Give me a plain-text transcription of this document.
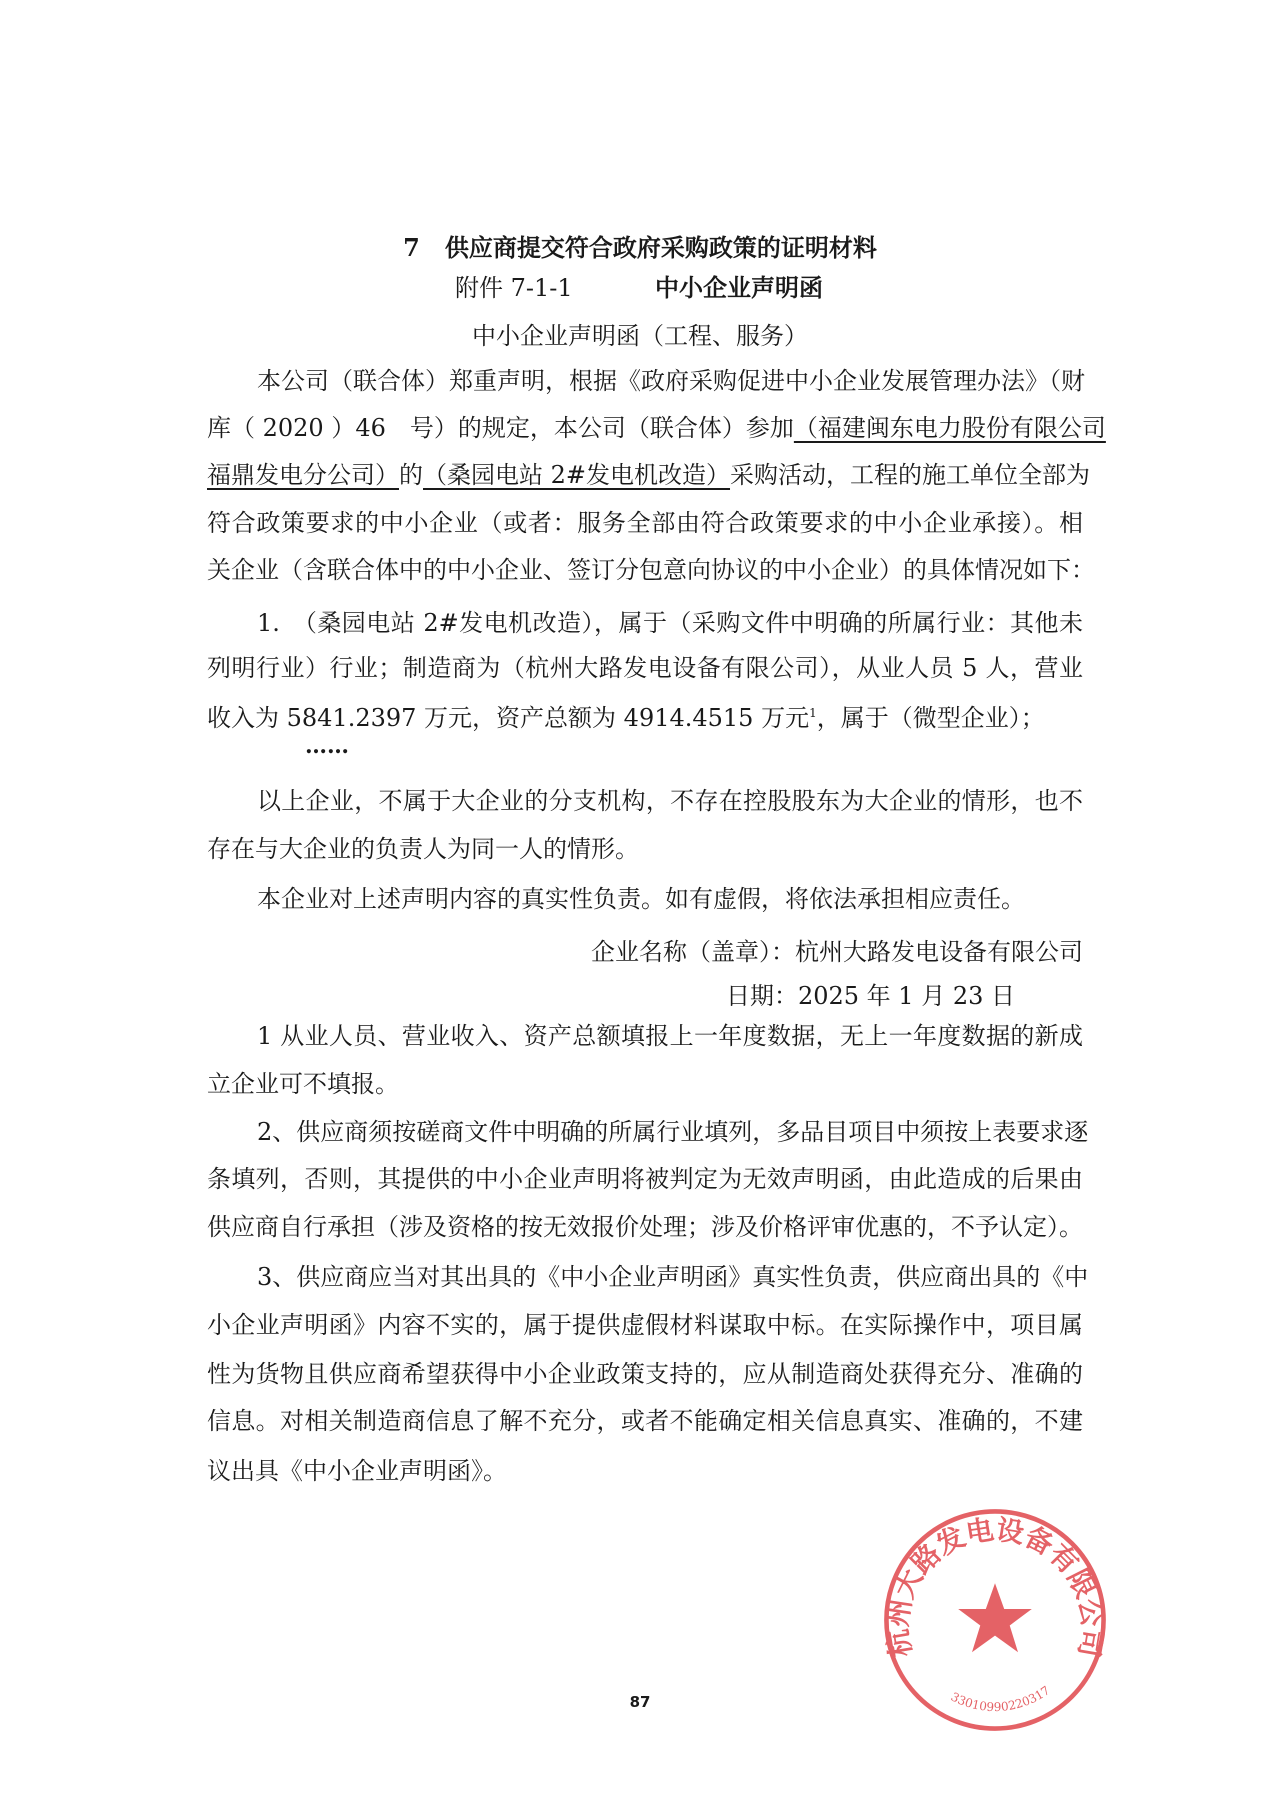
7 供应商提交符合政府采购政策的证明材料
附件 7-1-1	中小企业声明函
中小企业声明函（工程、服务）
本公司（联合体）郑重声明，根据《政府采购促进中小企业发展管理办法》（财
库（ 2020 ）46　号）的规定，本公司（联合体）参加（福建闽东电力股份有限公司
福鼎发电分公司）的（桑园电站 2#发电机改造）采购活动，工程的施工单位全部为
符合政策要求的中小企业（或者：服务全部由符合政策要求的中小企业承接）。相
关企业（含联合体中的中小企业、签订分包意向协议的中小企业）的具体情况如下：
1.　（桑园电站 2#发电机改造），属于（采购文件中明确的所属行业：其他未
列明行业）行业；制造商为（杭州大路发电设备有限公司），从业人员 5 人，营业
收入为 5841.2397 万元，资产总额为 4914.4515 万元$^1$，属于（微型企业）；
……
以上企业，不属于大企业的分支机构，不存在控股股东为大企业的情形，也不
存在与大企业的负责人为同一人的情形。
本企业对上述声明内容的真实性负责。如有虚假，将依法承担相应责任。
企业名称（盖章）：杭州大路发电设备有限公司
日期：2025 年 1 月 23 日
1 从业人员、营业收入、资产总额填报上一年度数据，无上一年度数据的新成
立企业可不填报。
2、供应商须按磋商文件中明确的所属行业填列，多品目项目中须按上表要求逐
条填列，否则，其提供的中小企业声明将被判定为无效声明函，由此造成的后果由
供应商自行承担（涉及资格的按无效报价处理；涉及价格评审优惠的，不予认定）。
3、供应商应当对其出具的《中小企业声明函》真实性负责，供应商出具的《中
小企业声明函》内容不实的，属于提供虚假材料谋取中标。在实际操作中，项目属
性为货物且供应商希望获得中小企业政策支持的，应从制造商处获得充分、准确的
信息。对相关制造商信息了解不充分，或者不能确定相关信息真实、准确的，不建
议出具《中小企业声明函》。
杭州大路发电设备有限公司
33010990220317
87
